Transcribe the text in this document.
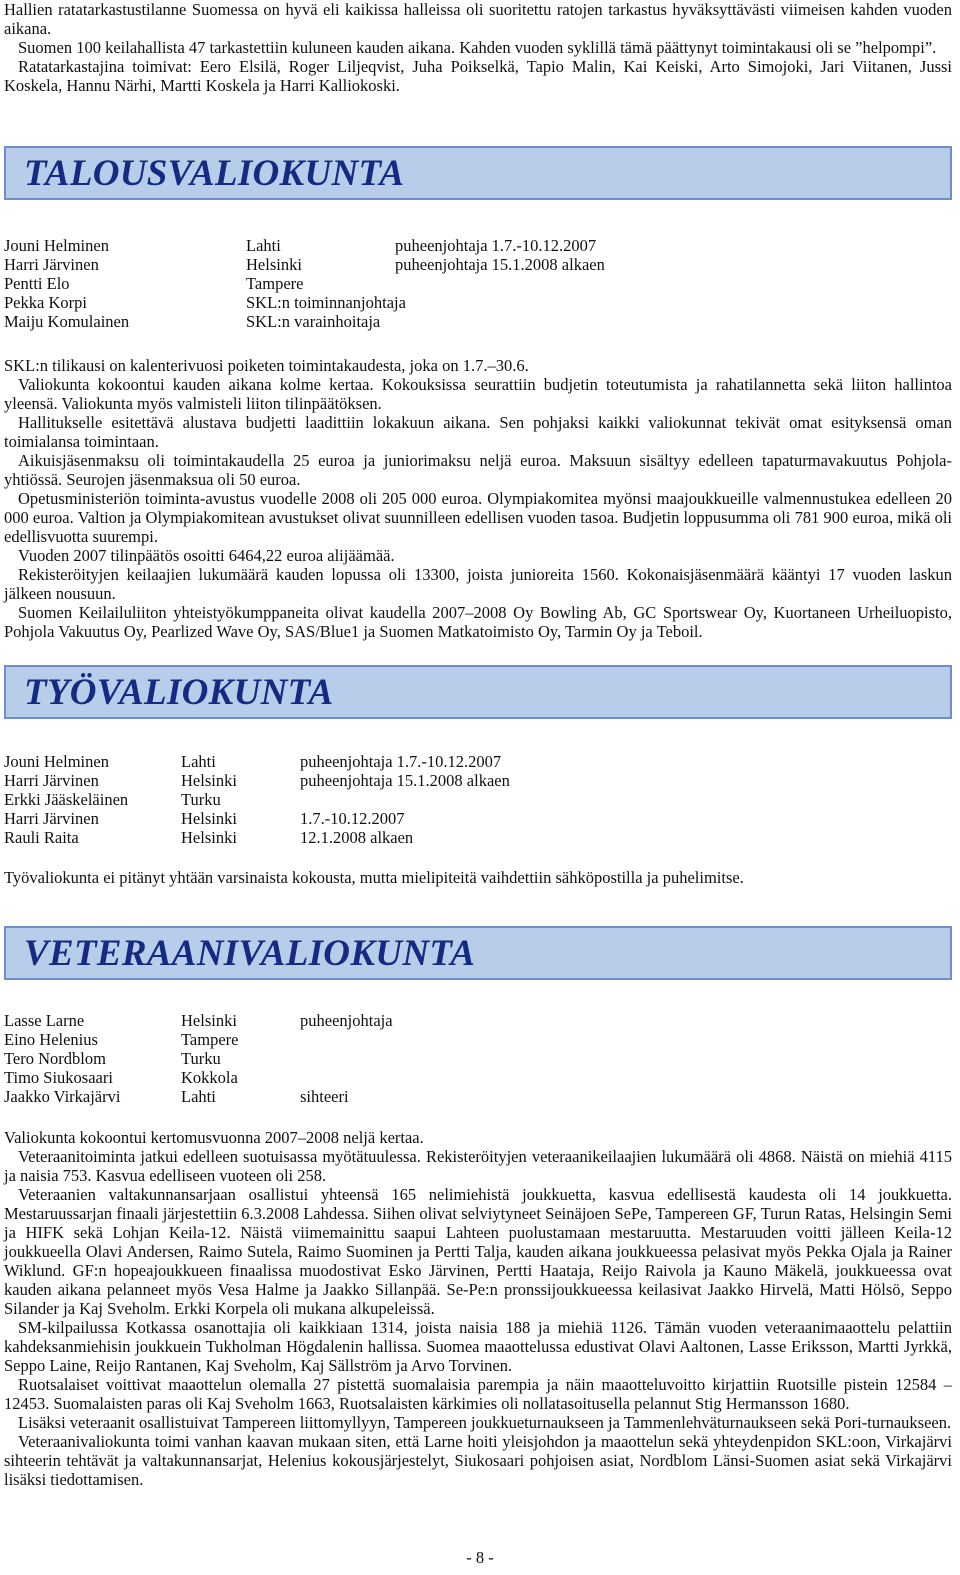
Hallien ratatarkastustilanne Suomessa on hyvä eli kaikissa halleissa oli suoritettu ratojen tarkastus hyväksyttävästi viimeisen kahden vuoden aikana.

Suomen 100 keilahallista 47 tarkastettiin kuluneen kauden aikana. Kahden vuoden syklillä tämä päättynyt toimintakausi oli se ”helpompi”.

Ratatarkastajina toimivat: Eero Elsilä, Roger Liljeqvist, Juha Poikselkä, Tapio Malin, Kai Keiski, Arto Simojoki, Jari Viitanen, Jussi Koskela, Hannu Närhi, Martti Koskela ja Harri Kalliokoski.

TALOUSVALIOKUNTA
Jouni Helminen	Lahti	puheenjohtaja 1.7.-10.12.2007
Harri Järvinen	Helsinki	puheenjohtaja 15.1.2008 alkaen
Pentti Elo	Tampere
Pekka Korpi	SKL:n toiminnanjohtaja
Maiju Komulainen	SKL:n varainhoitaja

SKL:n tilikausi on kalenterivuosi poiketen toimintakaudesta, joka on 1.7.–30.6.

Valiokunta kokoontui kauden aikana kolme kertaa. Kokouksissa seurattiin budjetin toteutumista ja rahatilannetta sekä liiton hallintoa yleensä. Valiokunta myös valmisteli liiton tilinpäätöksen.

Hallitukselle esitettävä alustava budjetti laadittiin lokakuun aikana. Sen pohjaksi kaikki valiokunnat tekivät omat esityksensä oman toimialansa toimintaan.

Aikuisjäsenmaksu oli toimintakaudella 25 euroa ja juniorimaksu neljä euroa. Maksuun sisältyy edelleen tapaturmavakuutus Pohjola-yhtiössä. Seurojen jäsenmaksua oli 50 euroa.

Opetusministeriön toiminta-avustus vuodelle 2008 oli 205 000 euroa. Olympiakomitea myönsi maajoukkueille valmennustukea edelleen 20 000 euroa. Valtion ja Olympiakomitean avustukset olivat suunnilleen edellisen vuoden tasoa. Budjetin loppusumma oli 781 900 euroa, mikä oli edellisvuotta suurempi.

Vuoden 2007 tilinpäätös osoitti 6464,22 euroa alijäämää.

Rekisteröityjen keilaajien lukumäärä kauden lopussa oli 13300, joista junioreita 1560. Kokonaisjäsenmäärä kääntyi 17 vuoden laskun jälkeen nousuun.

Suomen Keilailuliiton yhteistyökumppaneita olivat kaudella 2007–2008 Oy Bowling Ab, GC Sportswear Oy, Kuortaneen Urheiluopisto, Pohjola Vakuutus Oy, Pearlized Wave Oy, SAS/Blue1 ja Suomen Matkatoimisto Oy, Tarmin Oy ja Teboil.

TYÖVALIOKUNTA
Jouni Helminen	Lahti	puheenjohtaja 1.7.-10.12.2007
Harri Järvinen	Helsinki	puheenjohtaja 15.1.2008 alkaen
Erkki Jääskeläinen	Turku
Harri Järvinen	Helsinki	1.7.-10.12.2007
Rauli Raita	Helsinki	12.1.2008 alkaen

Työvaliokunta ei pitänyt yhtään varsinaista kokousta, mutta mielipiteitä vaihdettiin sähköpostilla ja puhelimitse.

VETERAANIVALIOKUNTA
Lasse Larne	Helsinki	puheenjohtaja
Eino Helenius	Tampere
Tero Nordblom	Turku
Timo Siukosaari	Kokkola
Jaakko Virkajärvi	Lahti	sihteeri

Valiokunta kokoontui kertomusvuonna 2007–2008 neljä kertaa.

Veteraanitoiminta jatkui edelleen suotuisassa myötätuulessa. Rekisteröityjen veteraanikeilaajien lukumäärä oli 4868. Näistä on miehiä 4115 ja naisia 753. Kasvua edelliseen vuoteen oli 258.

Veteraanien valtakunnansarjaan osallistui yhteensä 165 nelimiehistä joukkuetta, kasvua edellisestä kaudesta oli 14 joukkuetta. Mestaruussarjan finaali järjestettiin 6.3.2008 Lahdessa. Siihen olivat selviytyneet Seinäjoen SePe, Tampereen GF, Turun Ratas, Helsingin Semi ja HIFK sekä Lohjan Keila-12. Näistä viimemainittu saapui Lahteen puolustamaan mestaruutta. Mestaruuden voitti jälleen Keila-12 joukkueella Olavi Andersen, Raimo Sutela, Raimo Suominen ja Pertti Talja, kauden aikana joukkueessa pelasivat myös Pekka Ojala ja Rainer Wiklund. GF:n hopeajoukkueen finaalissa muodostivat Esko Järvinen, Pertti Haataja, Reijo Raivola ja Kauno Mäkelä, joukkueessa ovat kauden aikana pelanneet myös Vesa Halme ja Jaakko Sillanpää. Se-Pe:n pronssijoukkueessa keilasivat Jaakko Hirvelä, Matti Hölsö, Seppo Silander ja Kaj Sveholm. Erkki Korpela oli mukana alkupeleissä.

SM-kilpailussa Kotkassa osanottajia oli kaikkiaan 1314, joista naisia 188 ja miehiä 1126. Tämän vuoden veteraanimaaottelu pelattiin kahdeksanmiehisin joukkuein Tukholman Högdalenin hallissa. Suomea maaottelussa edustivat Olavi Aaltonen, Lasse Eriksson, Martti Jyrkkä, Seppo Laine, Reijo Rantanen, Kaj Sveholm, Kaj Sällström ja Arvo Torvinen.

Ruotsalaiset voittivat maaottelun olemalla 27 pistettä suomalaisia parempia ja näin maaotteluvoitto kirjattiin Ruotsille pistein 12584 – 12453. Suomalaisten paras oli Kaj Sveholm 1663, Ruotsalaisten kärkimies oli nollatasoitusella pelannut Stig Hermansson 1680.

Lisäksi veteraanit osallistuivat Tampereen liittomyllyyn, Tampereen joukkueturnaukseen ja Tammenlehväturnaukseen sekä Pori-turnaukseen.

Veteraanivaliokunta toimi vanhan kaavan mukaan siten, että Larne hoiti yleisjohdon ja maaottelun sekä yhteydenpidon SKL:oon, Virkajärvi sihteerin tehtävät ja valtakunnansarjat, Helenius kokousjärjestelyt, Siukosaari pohjoisen asiat, Nordblom Länsi-Suomen asiat sekä Virkajärvi lisäksi tiedottamisen.

- 8 -
